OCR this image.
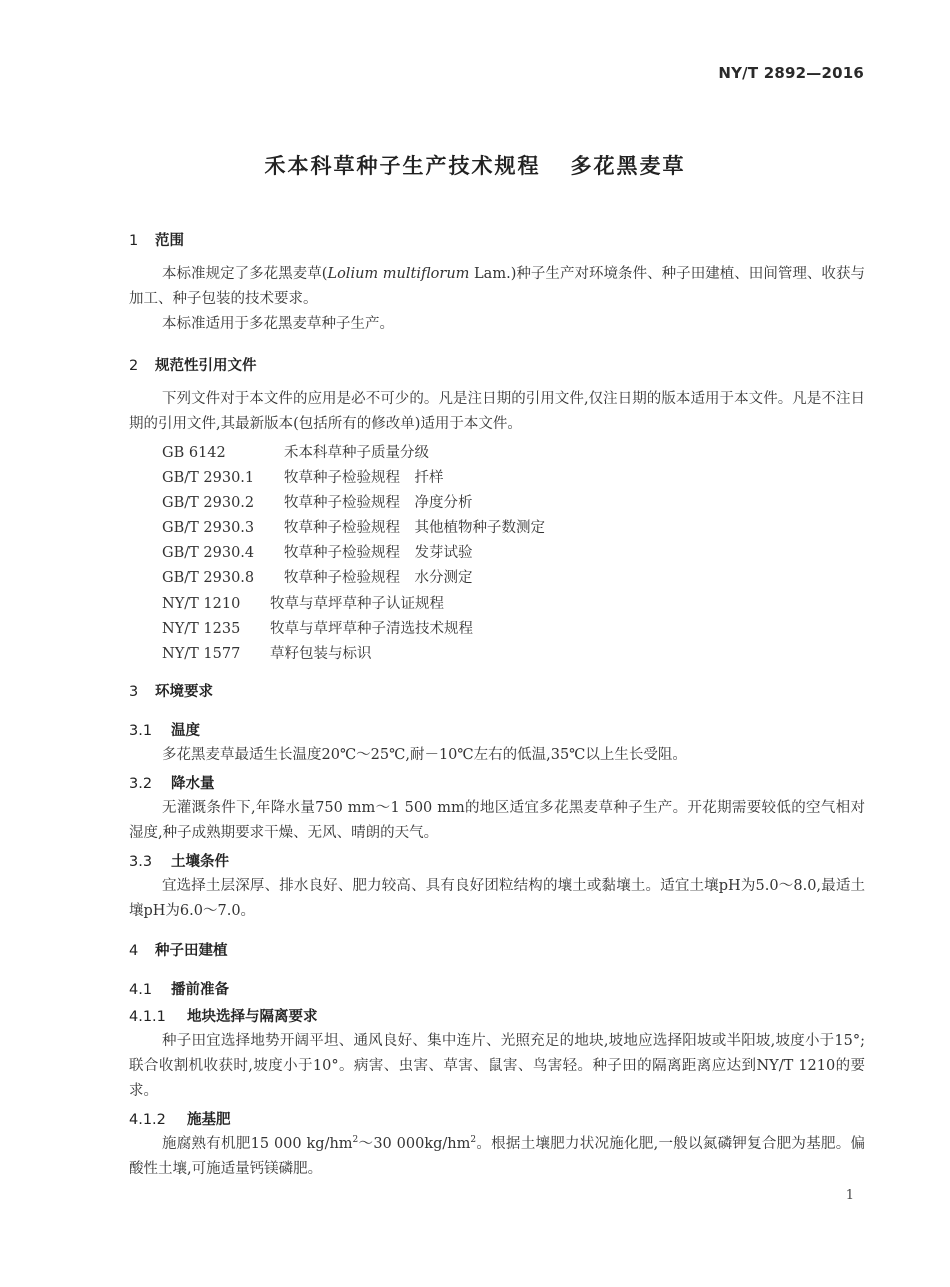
NY/T 2892—2016
禾本科草种子生产技术规程 多花黑麦草
1 范围
本标准规定了多花黑麦草(Lolium multiflorum Lam.)种子生产对环境条件、种子田建植、田间管理、收获与加工、种子包装的技术要求。
本标准适用于多花黑麦草种子生产。
2 规范性引用文件
下列文件对于本文件的应用是必不可少的。凡是注日期的引用文件,仅注日期的版本适用于本文件。凡是不注日期的引用文件,其最新版本(包括所有的修改单)适用于本文件。
GB 6142	禾本科草种子质量分级
GB/T 2930.1 牧草种子检验规程　扦样
GB/T 2930.2 牧草种子检验规程　净度分析
GB/T 2930.3 牧草种子检验规程　其他植物种子数测定
GB/T 2930.4 牧草种子检验规程　发芽试验
GB/T 2930.8 牧草种子检验规程　水分测定
NY/T 1210 牧草与草坪草种子认证规程
NY/T 1235 牧草与草坪草种子清选技术规程
NY/T 1577 草籽包装与标识
3 环境要求
3.1 温度
多花黑麦草最适生长温度20℃～25℃,耐－10℃左右的低温,35℃以上生长受阻。
3.2 降水量
无灌溉条件下,年降水量750 mm～1 500 mm的地区适宜多花黑麦草种子生产。开花期需要较低的空气相对湿度,种子成熟期要求干燥、无风、晴朗的天气。
3.3 土壤条件
宜选择土层深厚、排水良好、肥力较高、具有良好团粒结构的壤土或黏壤土。适宜土壤pH为5.0～8.0,最适土壤pH为6.0～7.0。
4 种子田建植
4.1 播前准备
4.1.1 地块选择与隔离要求
种子田宜选择地势开阔平坦、通风良好、集中连片、光照充足的地块,坡地应选择阳坡或半阳坡,坡度小于15°;联合收割机收获时,坡度小于10°。病害、虫害、草害、鼠害、鸟害轻。种子田的隔离距离应达到NY/T 1210的要求。
4.1.2 施基肥
施腐熟有机肥15 000 $kg/hm^2\sim 30$ $000kg/hm^2$。根据土壤肥力状况施化肥,一般以氮磷钾复合肥为基肥。偏酸性土壤,可施适量钙镁磷肥。
1
